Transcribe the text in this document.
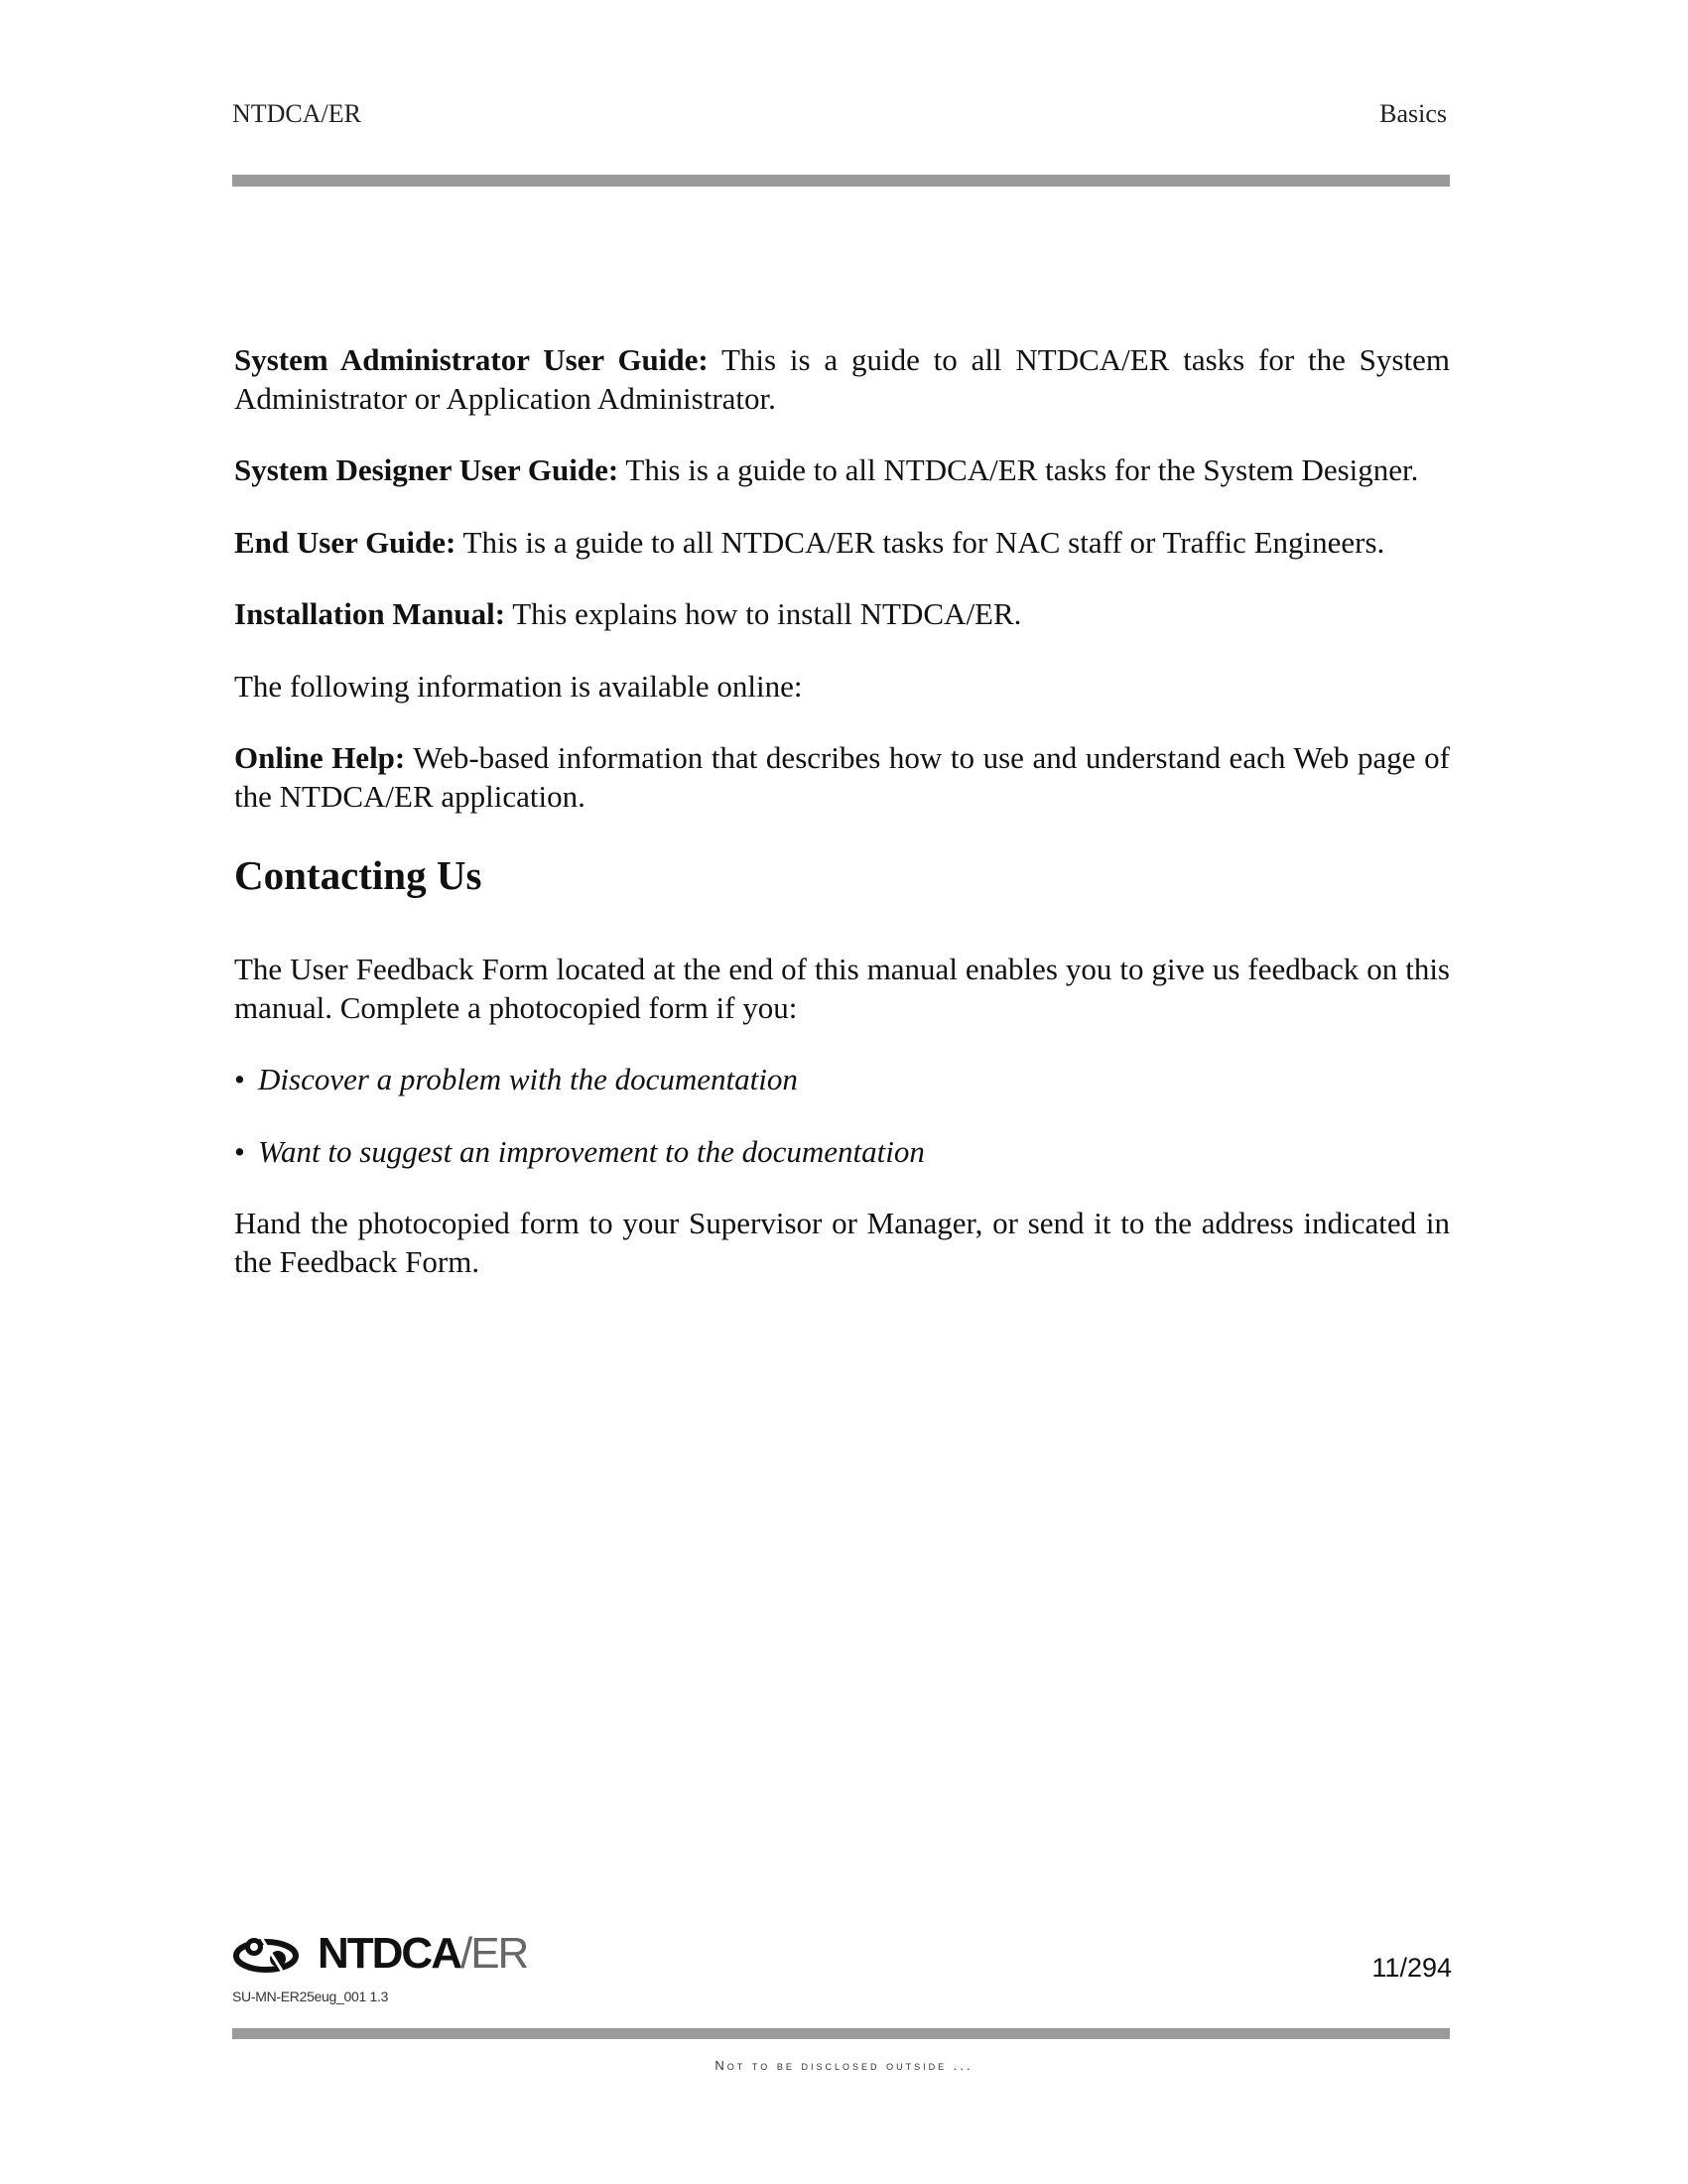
NTDCA/ER	Basics

System Administrator User Guide: This is a guide to all NTDCA/ER tasks for the System Administrator or Application Administrator.

System Designer User Guide: This is a guide to all NTDCA/ER tasks for the System Designer.

End User Guide: This is a guide to all NTDCA/ER tasks for NAC staff or Traffic Engineers.

Installation Manual: This explains how to install NTDCA/ER.

The following information is available online:

Online Help: Web-based information that describes how to use and understand each Web page of the NTDCA/ER application.

Contacting Us

The User Feedback Form located at the end of this manual enables you to give us feedback on this manual. Complete a photocopied form if you:

• Discover a problem with the documentation
• Want to suggest an improvement to the documentation

Hand the photocopied form to your Supervisor or Manager, or send it to the address indicated in the Feedback Form.

NTDCA/ER
SU-MN-ER25eug_001 1.3
11/294
Not to be disclosed outside ...
